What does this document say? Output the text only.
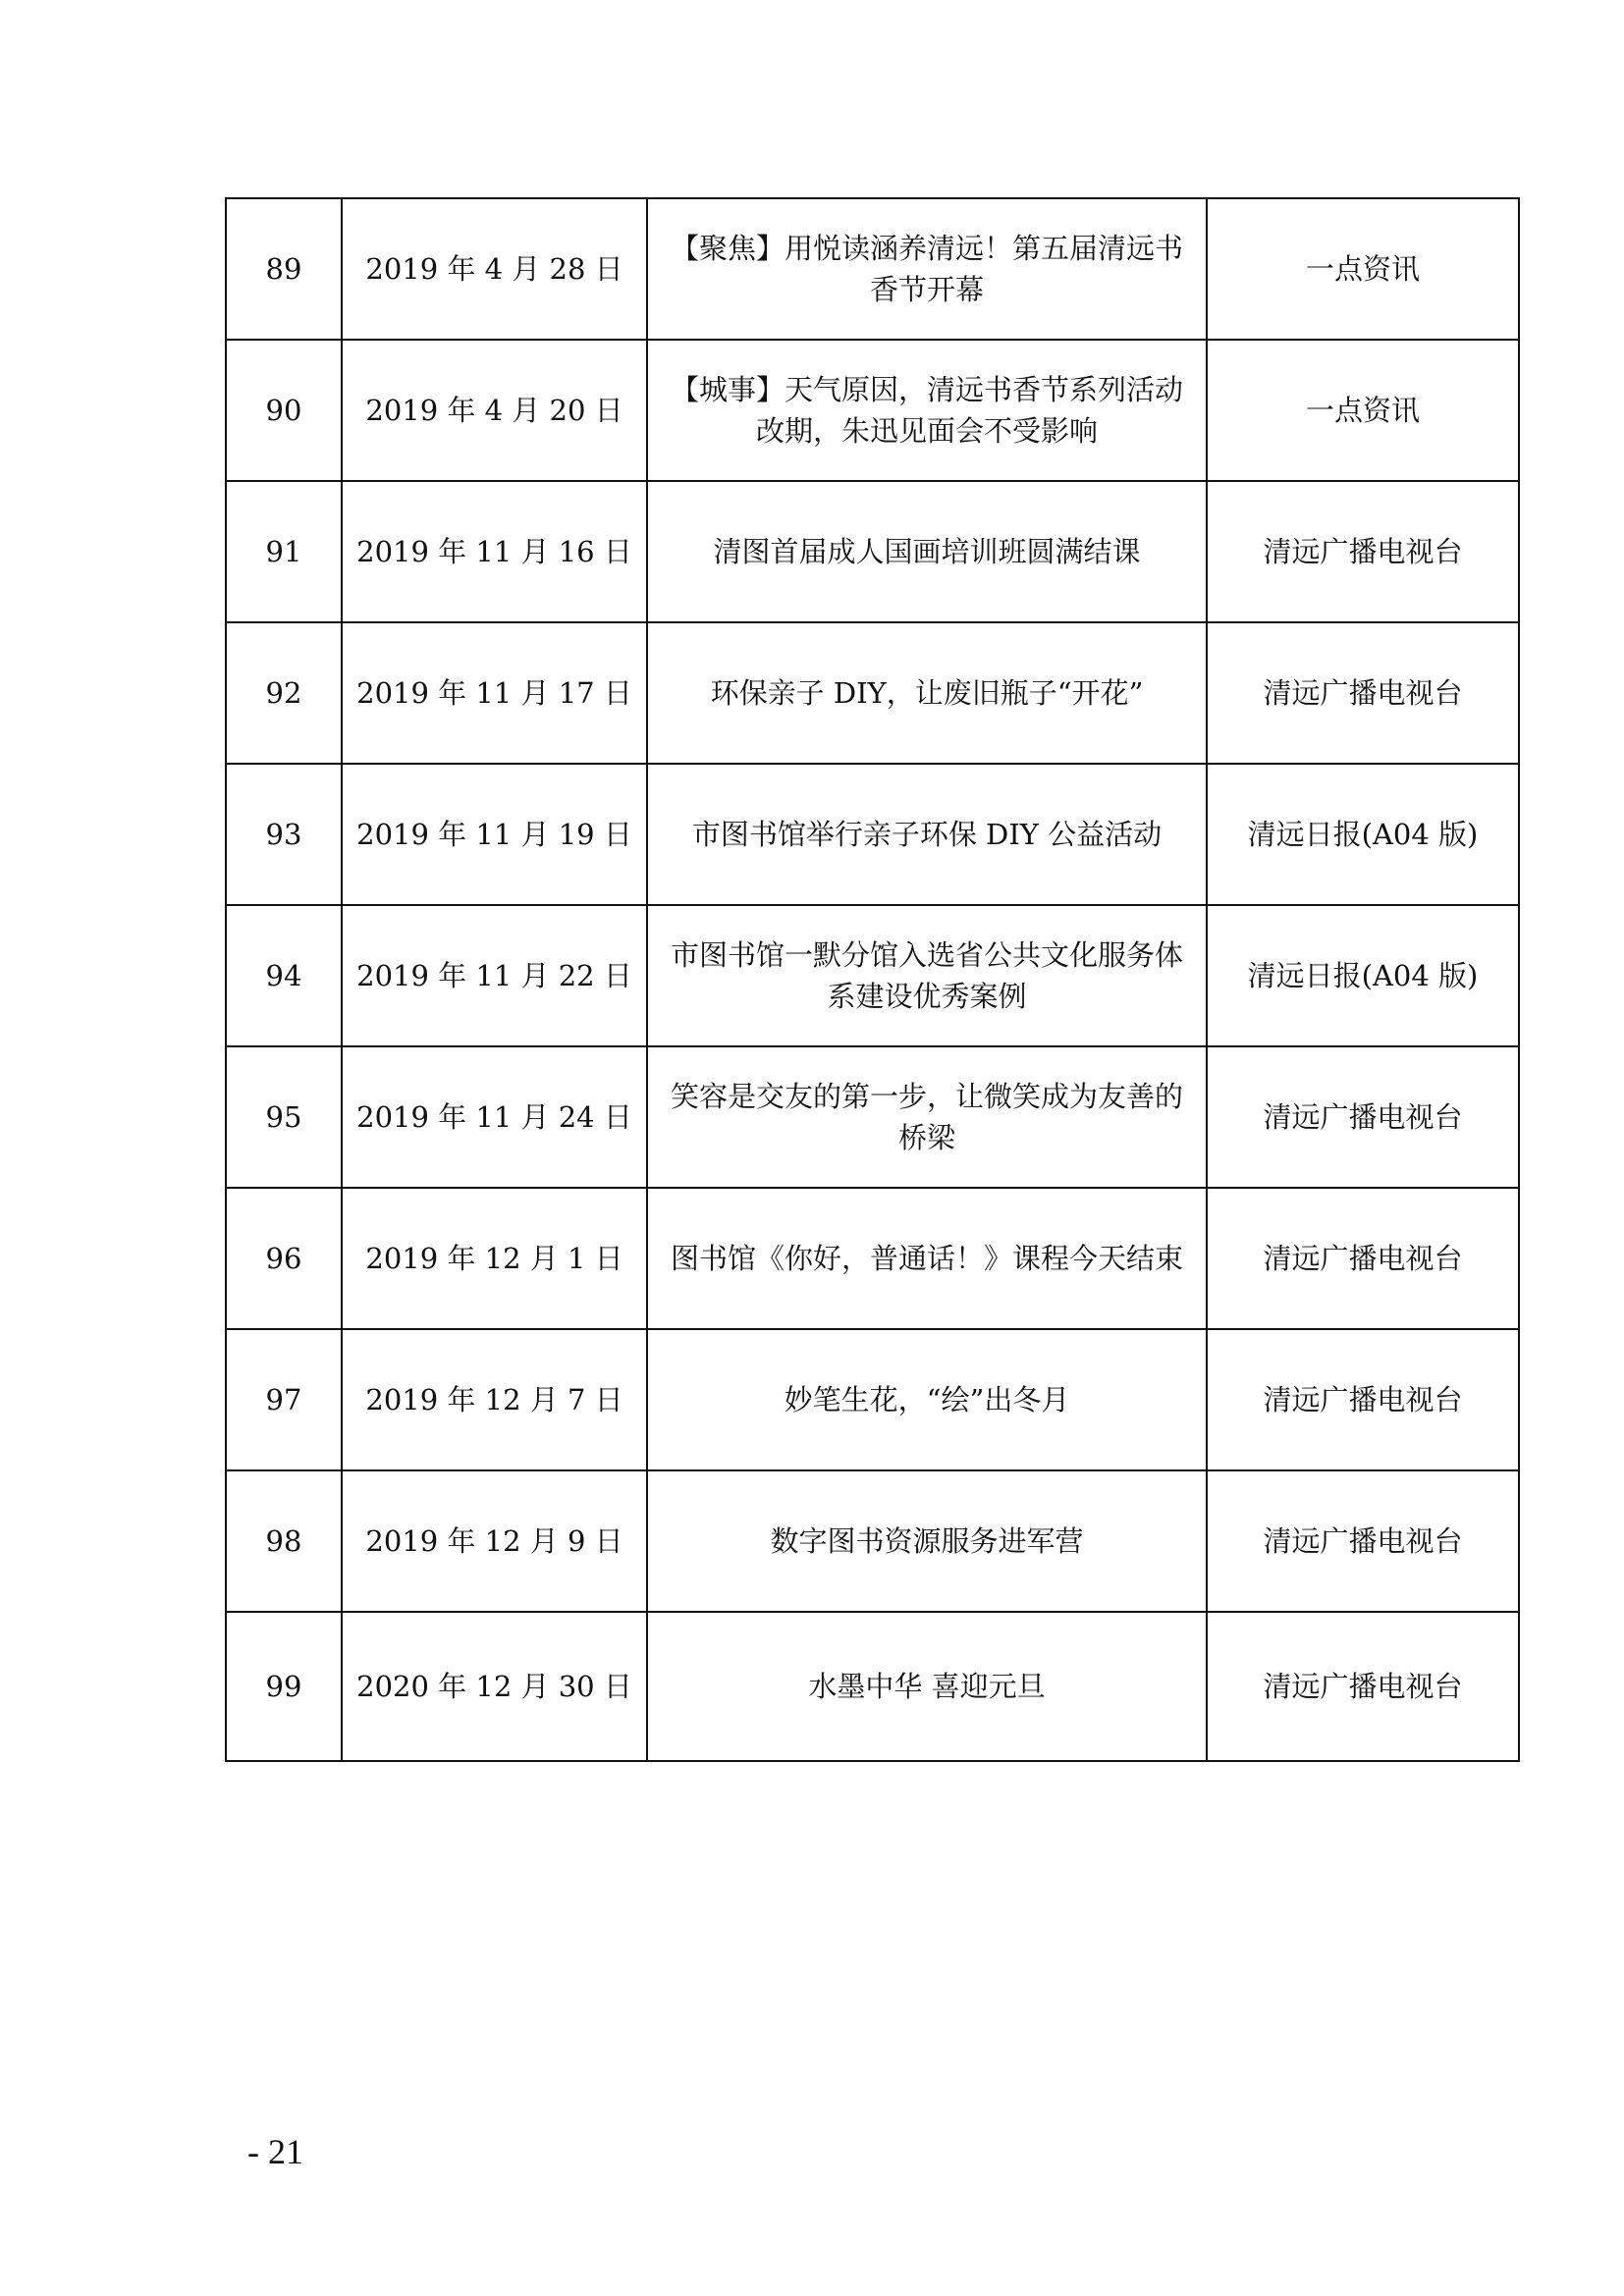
89	2019 年 4 月 28 日	【聚焦】用悦读涵养清远！第五届清远书香节开幕	一点资讯
90	2019 年 4 月 20 日	【城事】天气原因，清远书香节系列活动改期，朱迅见面会不受影响	一点资讯
91	2019 年 11 月 16 日	清图首届成人国画培训班圆满结课	清远广播电视台
92	2019 年 11 月 17 日	环保亲子 DIY，让废旧瓶子“开花”	清远广播电视台
93	2019 年 11 月 19 日	市图书馆举行亲子环保 DIY 公益活动	清远日报(A04 版)
94	2019 年 11 月 22 日	市图书馆一默分馆入选省公共文化服务体系建设优秀案例	清远日报(A04 版)
95	2019 年 11 月 24 日	笑容是交友的第一步，让微笑成为友善的桥梁	清远广播电视台
96	2019 年 12 月 1 日	图书馆《你好，普通话！》课程今天结束	清远广播电视台
97	2019 年 12 月 7 日	妙笔生花，“绘”出冬月	清远广播电视台
98	2019 年 12 月 9 日	数字图书资源服务进军营	清远广播电视台
99	2020 年 12 月 30 日	水墨中华 喜迎元旦	清远广播电视台
- 21
